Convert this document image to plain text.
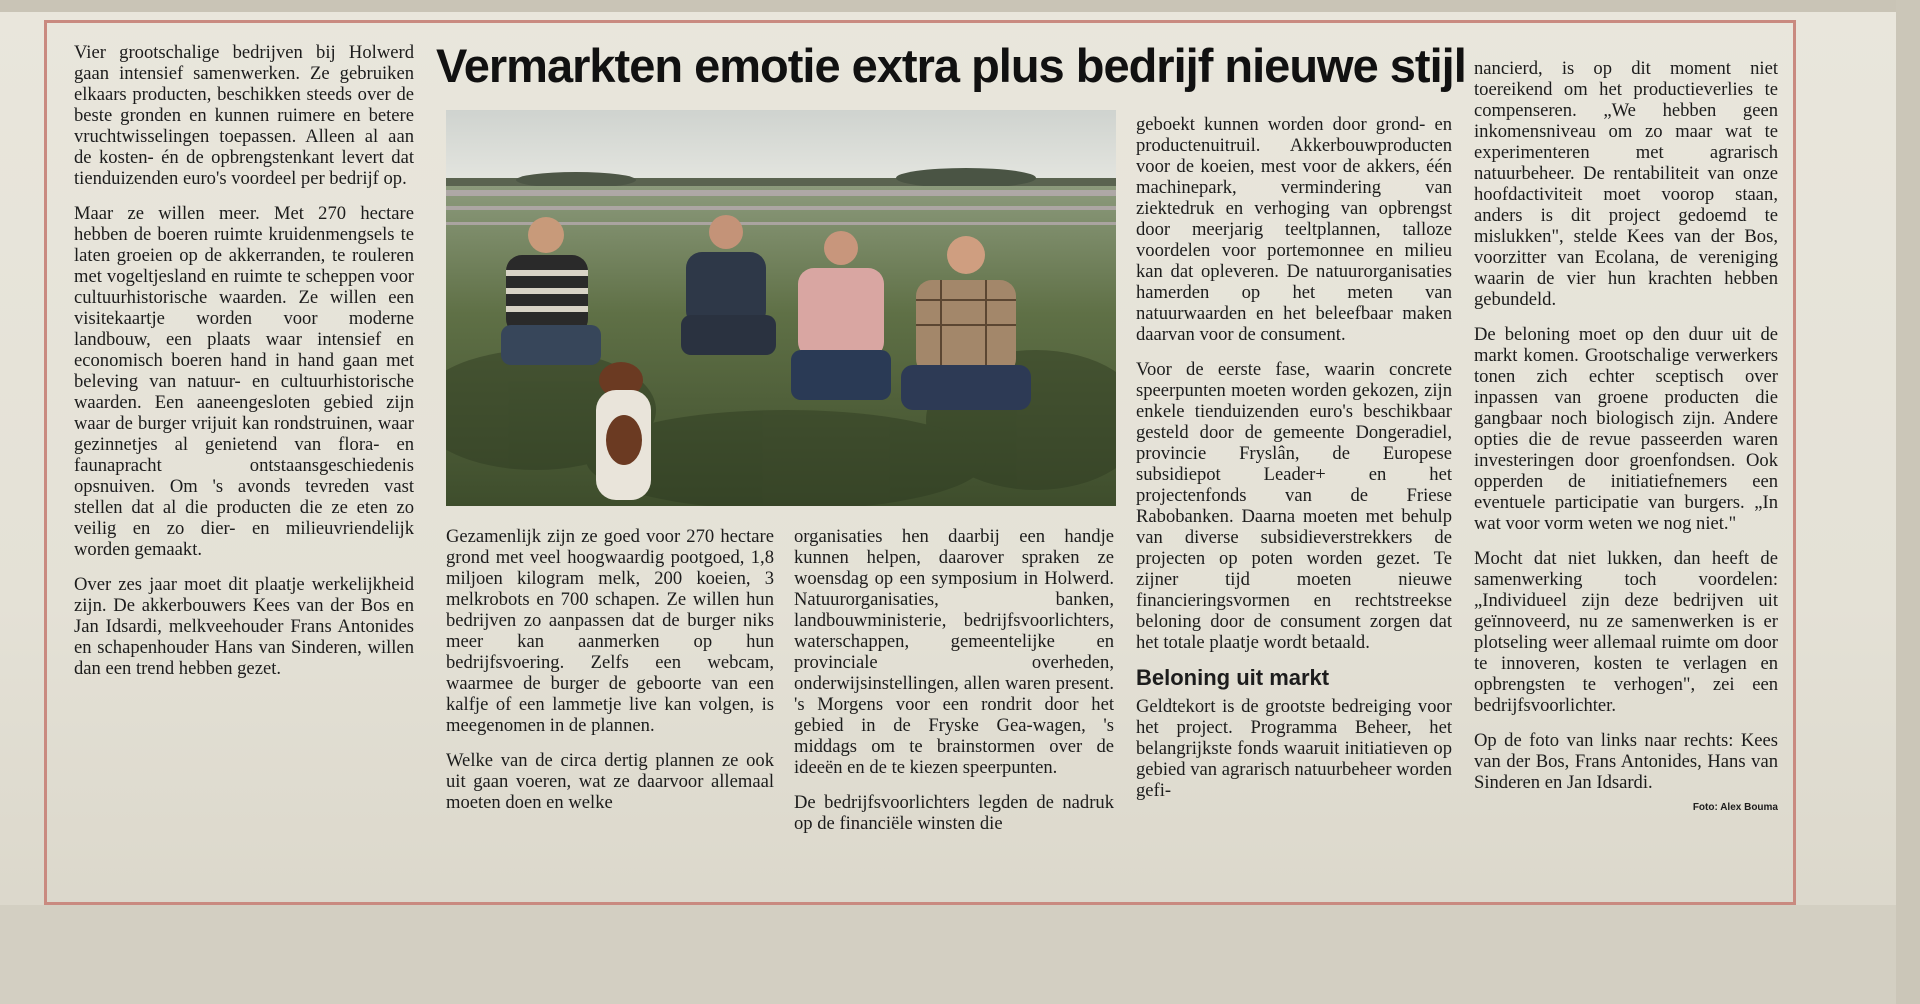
Vermarkten emotie extra plus bedrijf nieuwe stijl

Vier grootschalige bedrijven bij Holwerd gaan intensief samenwerken. Ze gebruiken elkaars producten, beschikken steeds over de beste gronden en kunnen ruimere en betere vruchtwisselingen toepassen. Alleen al aan de kosten- én de opbrengstenkant levert dat tienduizenden euro's voordeel per bedrijf op.

Maar ze willen meer. Met 270 hectare hebben de boeren ruimte kruidenmengsels te laten groeien op de akkerranden, te rouleren met vogeltjesland en ruimte te scheppen voor cultuurhistorische waarden. Ze willen een visitekaartje worden voor moderne landbouw, een plaats waar intensief en economisch boeren hand in hand gaan met beleving van natuur- en cultuurhistorische waarden. Een aaneengesloten gebied zijn waar de burger vrijuit kan rondstruinen, waar gezinnetjes al genietend van flora- en faunapracht ontstaansgeschiedenis opsnuiven. Om 's avonds tevreden vast stellen dat al die producten die ze eten zo veilig en zo dier- en milieuvriendelijk worden gemaakt.

Over zes jaar moet dit plaatje werkelijkheid zijn. De akkerbouwers Kees van der Bos en Jan Idsardi, melkveehouder Frans Antonides en schapenhouder Hans van Sinderen, willen dan een trend hebben gezet.

Gezamenlijk zijn ze goed voor 270 hectare grond met veel hoogwaardig pootgoed, 1,8 miljoen kilogram melk, 200 koeien, 3 melkrobots en 700 schapen. Ze willen hun bedrijven zo aanpassen dat de burger niks meer kan aanmerken op hun bedrijfsvoering. Zelfs een webcam, waarmee de burger de geboorte van een kalfje of een lammetje live kan volgen, is meegenomen in de plannen.

Welke van de circa dertig plannen ze ook uit gaan voeren, wat ze daarvoor allemaal moeten doen en welke

organisaties hen daarbij een handje kunnen helpen, daarover spraken ze woensdag op een symposium in Holwerd. Natuurorganisaties, banken, landbouwministerie, bedrijfsvoorlichters, waterschappen, gemeentelijke en provinciale overheden, onderwijsinstellingen, allen waren present. 's Morgens voor een rondrit door het gebied in de Fryske Gea-wagen, 's middags om te brainstormen over de ideeën en de te kiezen speerpunten.

De bedrijfsvoorlichters legden de nadruk op de financiële winsten die

geboekt kunnen worden door grond- en productenuitruil. Akkerbouwproducten voor de koeien, mest voor de akkers, één machinepark, vermindering van ziektedruk en verhoging van opbrengst door meerjarig teeltplannen, talloze voordelen voor portemonnee en milieu kan dat opleveren. De natuurorganisaties hamerden op het meten van natuurwaarden en het beleefbaar maken daarvan voor de consument.

Voor de eerste fase, waarin concrete speerpunten moeten worden gekozen, zijn enkele tienduizenden euro's beschikbaar gesteld door de gemeente Dongeradiel, provincie Fryslân, de Europese subsidiepot Leader+ en het projectenfonds van de Friese Rabobanken. Daarna moeten met behulp van diverse subsidieverstrekkers de projecten op poten worden gezet. Te zijner tijd moeten nieuwe financieringsvormen en rechtstreekse beloning door de consument zorgen dat het totale plaatje wordt betaald.

Beloning uit markt

Geldtekort is de grootste bedreiging voor het project. Programma Beheer, het belangrijkste fonds waaruit initiatieven op gebied van agrarisch natuurbeheer worden gefi-

nancierd, is op dit moment niet toereikend om het productieverlies te compenseren. „We hebben geen inkomensniveau om zo maar wat te experimenteren met agrarisch natuurbeheer. De rentabiliteit van onze hoofdactiviteit moet voorop staan, anders is dit project gedoemd te mislukken", stelde Kees van der Bos, voorzitter van Ecolana, de vereniging waarin de vier hun krachten hebben gebundeld.

De beloning moet op den duur uit de markt komen. Grootschalige verwerkers tonen zich echter sceptisch over inpassen van groene producten die gangbaar noch biologisch zijn. Andere opties die de revue passeerden waren investeringen door groenfondsen. Ook opperden de initiatiefnemers een eventuele participatie van burgers. „In wat voor vorm weten we nog niet."

Mocht dat niet lukken, dan heeft de samenwerking toch voordelen: „Individueel zijn deze bedrijven uit geïnnoveerd, nu ze samenwerken is er plotseling weer allemaal ruimte om door te innoveren, kosten te verlagen en opbrengsten te verhogen", zei een bedrijfsvoorlichter.

Op de foto van links naar rechts: Kees van der Bos, Frans Antonides, Hans van Sinderen en Jan Idsardi.

Foto: Alex Bouma
